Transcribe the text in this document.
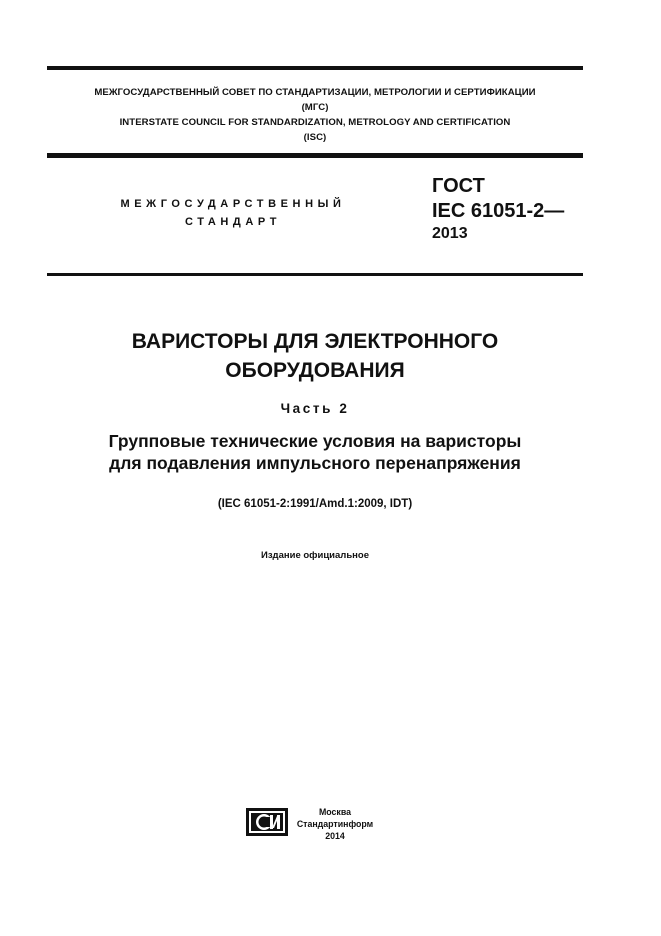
МЕЖГОСУДАРСТВЕННЫЙ СОВЕТ ПО СТАНДАРТИЗАЦИИ, МЕТРОЛОГИИ И СЕРТИФИКАЦИИ
(МГС)
INTERSTATE COUNCIL FOR STANDARDIZATION, METROLOGY AND CERTIFICATION
(ISC)
МЕЖГОСУДАРСТВЕННЫЙ
СТАНДАРТ
ГОСТ
IEC 61051-2—
2013
ВАРИСТОРЫ ДЛЯ ЭЛЕКТРОННОГО
ОБОРУДОВАНИЯ
Часть 2
Групповые технические условия на варисторы
для подавления импульсного перенапряжения
(IEC 61051-2:1991/Amd.1:2009, IDT)
Издание официальное
Москва
Стандартинформ
2014
